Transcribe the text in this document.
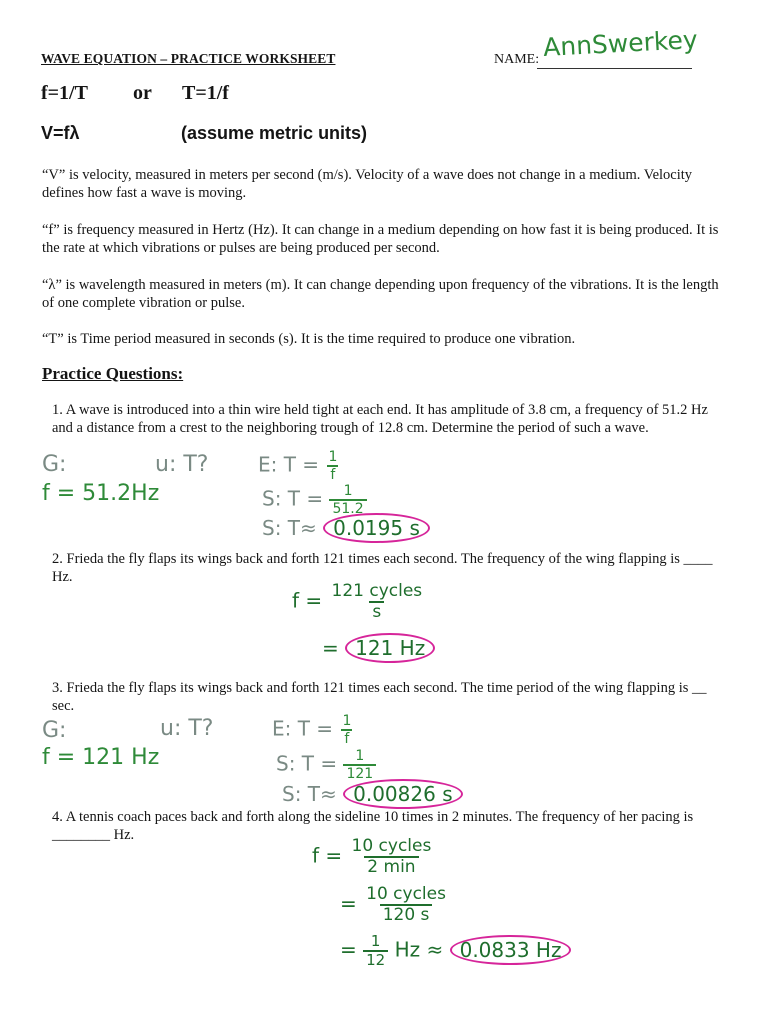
WAVE EQUATION – PRACTICE WORKSHEET	NAME: AnnSwerkey
f=1/T or T=1/f
V=fλ	(assume metric units)
“V” is velocity, measured in meters per second (m/s). Velocity of a wave does not change in a medium. Velocity defines how fast a wave is moving.
“f” is frequency measured in Hertz (Hz). It can change in a medium depending on how fast it is being produced. It is the rate at which vibrations or pulses are being produced per second.
“λ” is wavelength measured in meters (m). It can change depending upon frequency of the vibrations. It is the length of one complete vibration or pulse.
“T” is Time period measured in seconds (s). It is the time required to produce one vibration.
Practice Questions:
1. A wave is introduced into a thin wire held tight at each end. It has amplitude of 3.8 cm, a frequency of 51.2 Hz and a distance from a crest to the neighboring trough of 12.8 cm. Determine the period of such a wave.
G:	u: T?
f = 51.2Hz
E: $T = \frac{1}{f}$
S: $T = \frac{1}{51.2}$
S: T≈ 0.0195 s
2. Frieda the fly flaps its wings back and forth 121 times each second. The frequency of the wing flapping is ____ Hz.
$f = \frac{\text{121 cycles}}{s}$
= 121 Hz
3. Frieda the fly flaps its wings back and forth 121 times each second. The time period of the wing flapping is __ sec.
G:	u: T?
f = 121 Hz
E: $T = \frac{1}{f}$
S: $T = \frac{1}{121}$
S: T≈ 0.00826 s
4. A tennis coach paces back and forth along the sideline 10 times in 2 minutes. The frequency of her pacing is ________ Hz.
$f = \frac{\text{10 cycles}}{2 \min}$
= $\frac{\text{10 cycles}}{120 s}$
= $\frac{1}{12}$ Hz ≈ 0.0833 Hz
